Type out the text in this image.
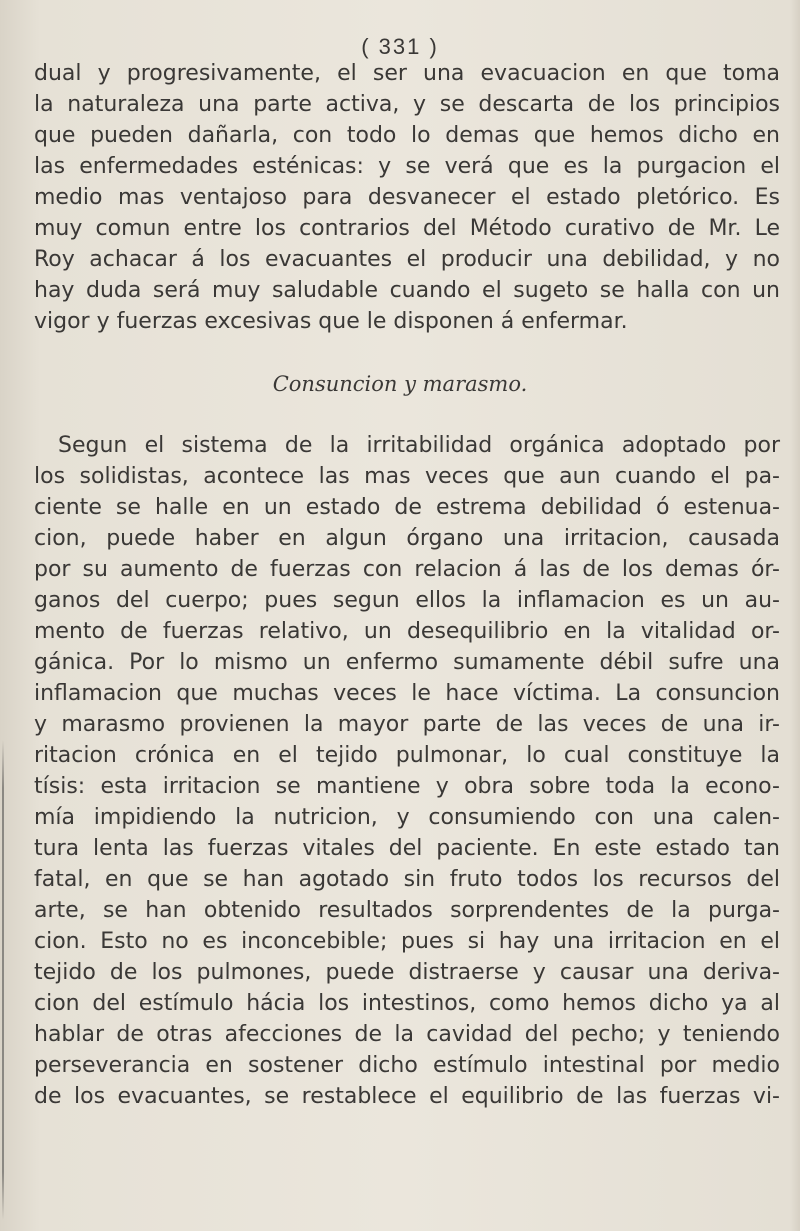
( 331 )
dual y progresivamente, el ser una evacuacion en que toma
la naturaleza una parte activa, y se descarta de los principios
que pueden dañarla, con todo lo demas que hemos dicho en
las enfermedades esténicas: y se verá que es la purgacion el
medio mas ventajoso para desvanecer el estado pletórico. Es
muy comun entre los contrarios del Método curativo de Mr. Le
Roy achacar á los evacuantes el producir una debilidad, y no
hay duda será muy saludable cuando el sugeto se halla con un
vigor y fuerzas excesivas que le disponen á enfermar.
Consuncion y marasmo.
Segun el sistema de la irritabilidad orgánica adoptado por
los solidistas, acontece las mas veces que aun cuando el pa-
ciente se halle en un estado de estrema debilidad ó estenua-
cion, puede haber en algun órgano una irritacion, causada
por su aumento de fuerzas con relacion á las de los demas ór-
ganos del cuerpo; pues segun ellos la inflamacion es un au-
mento de fuerzas relativo, un desequilibrio en la vitalidad or-
gánica. Por lo mismo un enfermo sumamente débil sufre una
inflamacion que muchas veces le hace víctima. La consuncion
y marasmo provienen la mayor parte de las veces de una ir-
ritacion crónica en el tejido pulmonar, lo cual constituye la
tísis: esta irritacion se mantiene y obra sobre toda la econo-
mía impidiendo la nutricion, y consumiendo con una calen-
tura lenta las fuerzas vitales del paciente. En este estado tan
fatal, en que se han agotado sin fruto todos los recursos del
arte, se han obtenido resultados sorprendentes de la purga-
cion. Esto no es inconcebible; pues si hay una irritacion en el
tejido de los pulmones, puede distraerse y causar una deriva-
cion del estímulo hácia los intestinos, como hemos dicho ya al
hablar de otras afecciones de la cavidad del pecho; y teniendo
perseverancia en sostener dicho estímulo intestinal por medio
de los evacuantes, se restablece el equilibrio de las fuerzas vi-
